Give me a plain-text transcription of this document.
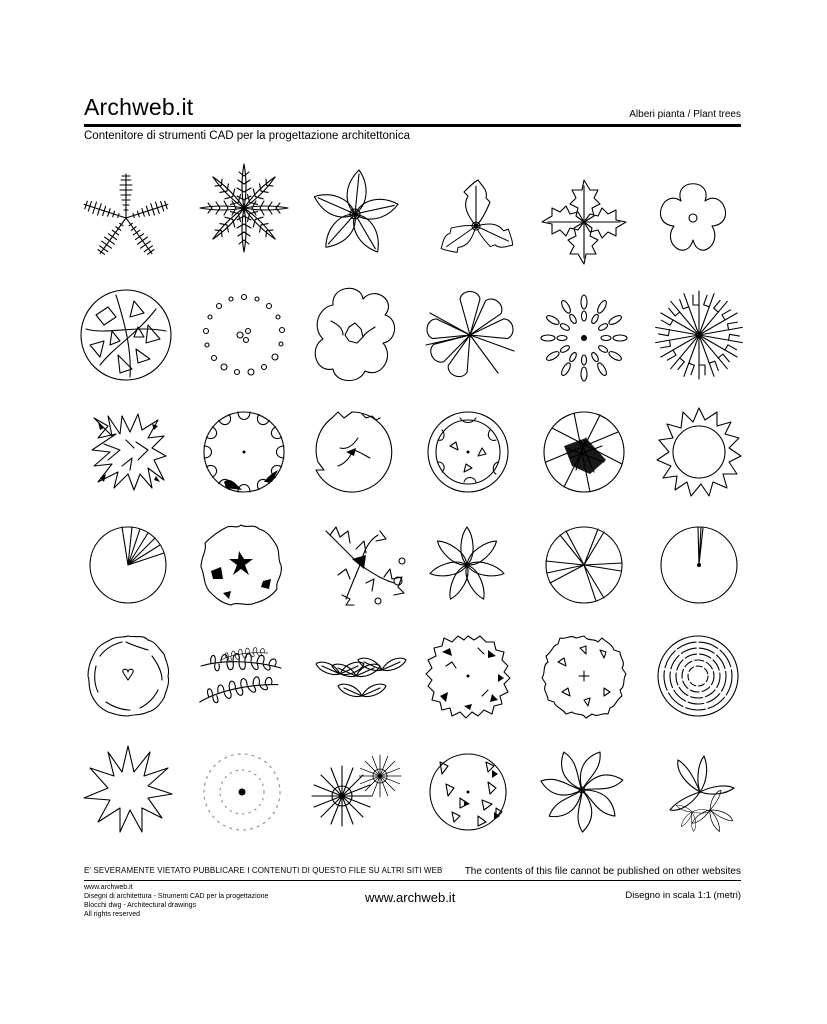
Archweb.it	Alberi pianta / Plant trees
Contenitore di strumenti CAD per la progettazione architettonica
E' SEVERAMENTE VIETATO PUBBLICARE I CONTENUTI DI QUESTO FILE SU ALTRI SITI WEB The contents of this file cannot be published on other websites
www.archweb.it
Disegni di architettura - Strumenti CAD per la progettazione
Blocchi dwg - Architectural drawings
All rights reserved
www.archweb.it	Disegno in scala 1:1 (metri)
